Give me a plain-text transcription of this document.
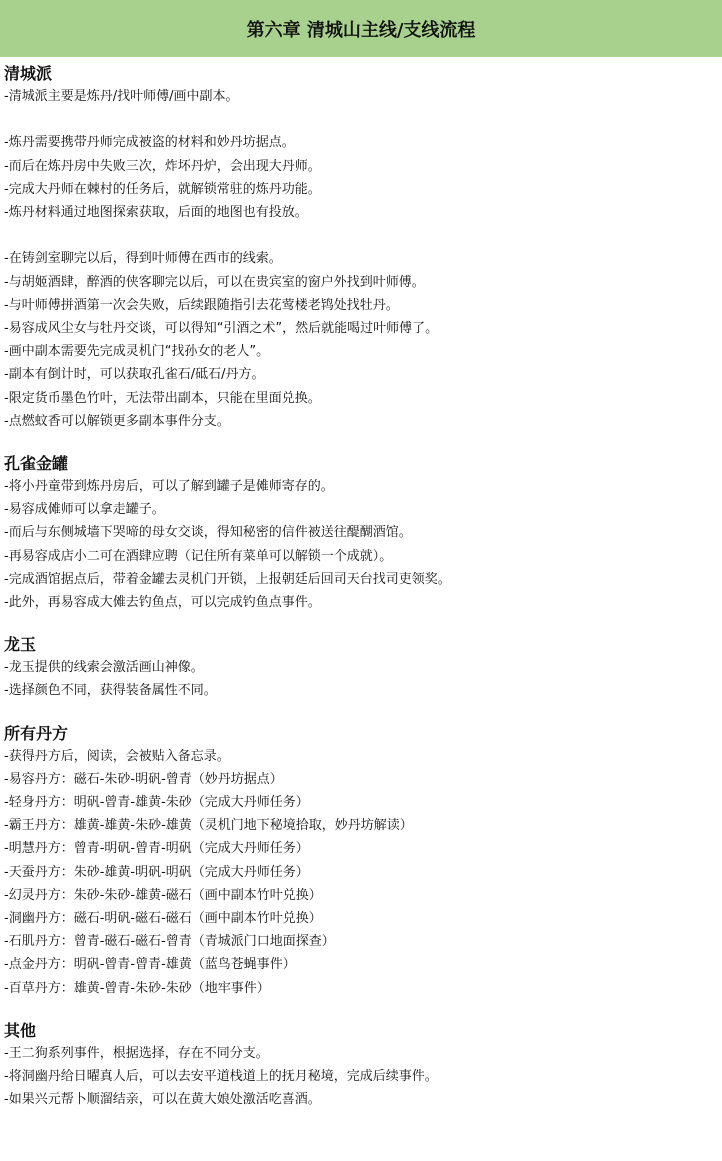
第六章 清城山主线/支线流程
清城派
-清城派主要是炼丹/找叶师傅/画中副本。
-炼丹需要携带丹师完成被盗的材料和妙丹坊据点。
-而后在炼丹房中失败三次，炸坏丹炉，会出现大丹师。
-完成大丹师在棘村的任务后，就解锁常驻的炼丹功能。
-炼丹材料通过地图探索获取，后面的地图也有投放。
-在铸剑室聊完以后，得到叶师傅在西市的线索。
-与胡姬酒肆，醉酒的侠客聊完以后，可以在贵宾室的窗户外找到叶师傅。
-与叶师傅拼酒第一次会失败，后续跟随指引去花莺楼老鸨处找牡丹。
-易容成风尘女与牡丹交谈，可以得知“引酒之术”，然后就能喝过叶师傅了。
-画中副本需要先完成灵机门“找孙女的老人”。
-副本有倒计时，可以获取孔雀石/砥石/丹方。
-限定货币墨色竹叶，无法带出副本，只能在里面兑换。
-点燃蚊香可以解锁更多副本事件分支。
孔雀金罐
-将小丹童带到炼丹房后，可以了解到罐子是傩师寄存的。
-易容成傩师可以拿走罐子。
-而后与东侧城墙下哭啼的母女交谈，得知秘密的信件被送往醍醐酒馆。
-再易容成店小二可在酒肆应聘（记住所有菜单可以解锁一个成就）。
-完成酒馆据点后，带着金罐去灵机门开锁，上报朝廷后回司天台找司吏领奖。
-此外，再易容成大傩去钓鱼点，可以完成钓鱼点事件。
龙玉
-龙玉提供的线索会激活画山神像。
-选择颜色不同，获得装备属性不同。
所有丹方
-获得丹方后，阅读，会被贴入备忘录。
-易容丹方：磁石-朱砂-明矾-曾青（妙丹坊据点）
-轻身丹方：明矾-曾青-雄黄-朱砂（完成大丹师任务）
-霸王丹方：雄黄-雄黄-朱砂-雄黄（灵机门地下秘境拾取，妙丹坊解读）
-明慧丹方：曾青-明矾-曾青-明矾（完成大丹师任务）
-天蚕丹方：朱砂-雄黄-明矾-明矾（完成大丹师任务）
-幻灵丹方：朱砂-朱砂-雄黄-磁石（画中副本竹叶兑换）
-洞幽丹方：磁石-明矾-磁石-磁石（画中副本竹叶兑换）
-石肌丹方：曾青-磁石-磁石-曾青（青城派门口地面探查）
-点金丹方：明矾-曾青-曾青-雄黄（蓝鸟苍蝇事件）
-百草丹方：雄黄-曾青-朱砂-朱砂（地牢事件）
其他
-王二狗系列事件，根据选择，存在不同分支。
-将洞幽丹给日曜真人后，可以去安平道栈道上的抚月秘境，完成后续事件。
-如果兴元帮卜顺溜结亲，可以在黄大娘处激活吃喜酒。
